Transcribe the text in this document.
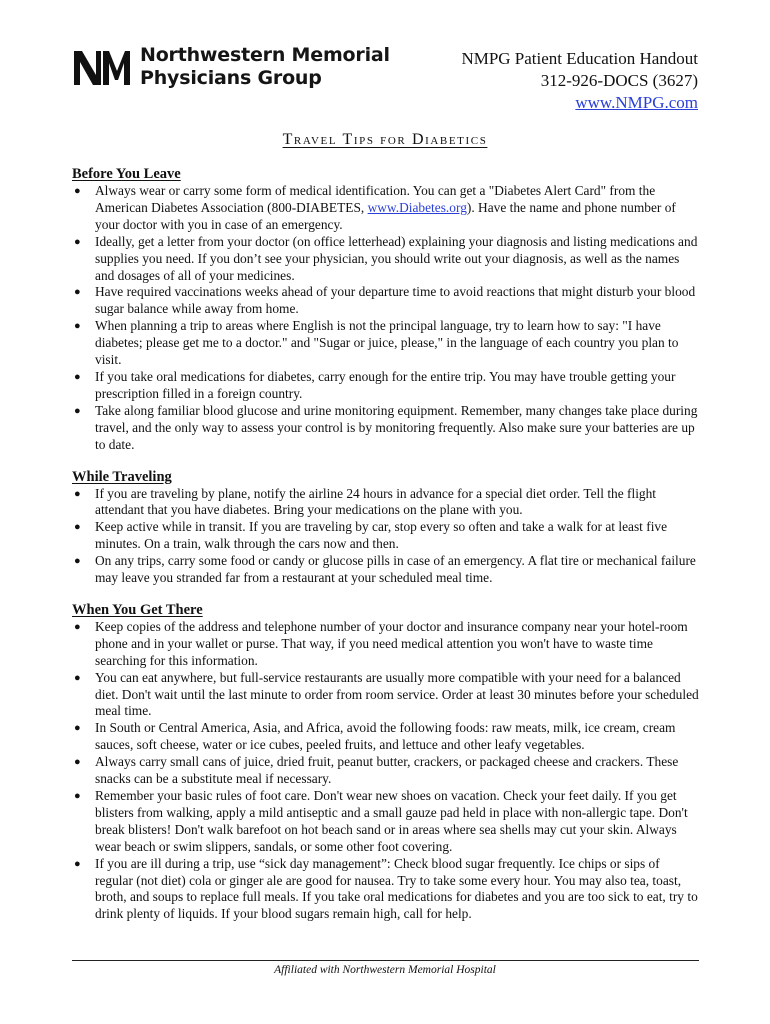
Northwestern Memorial
Physicians Group
NMPG Patient Education Handout
312-926-DOCS (3627)
www.NMPG.com
Travel Tips for Diabetics
Before You Leave
● Always wear or carry some form of medical identification. You can get a "Diabetes Alert Card" from the American Diabetes Association (800-DIABETES, www.Diabetes.org). Have the name and phone number of your doctor with you in case of an emergency.
● Ideally, get a letter from your doctor (on office letterhead) explaining your diagnosis and listing medications and supplies you need. If you don’t see your physician, you should write out your diagnosis, as well as the names and dosages of all of your medicines.
● Have required vaccinations weeks ahead of your departure time to avoid reactions that might disturb your blood sugar balance while away from home.
● When planning a trip to areas where English is not the principal language, try to learn how to say: "I have diabetes; please get me to a doctor." and "Sugar or juice, please," in the language of each country you plan to visit.
● If you take oral medications for diabetes, carry enough for the entire trip. You may have trouble getting your prescription filled in a foreign country.
● Take along familiar blood glucose and urine monitoring equipment. Remember, many changes take place during travel, and the only way to assess your control is by monitoring frequently. Also make sure your batteries are up to date.
While Traveling
● If you are traveling by plane, notify the airline 24 hours in advance for a special diet order. Tell the flight attendant that you have diabetes. Bring your medications on the plane with you.
● Keep active while in transit. If you are traveling by car, stop every so often and take a walk for at least five minutes. On a train, walk through the cars now and then.
● On any trips, carry some food or candy or glucose pills in case of an emergency. A flat tire or mechanical failure may leave you stranded far from a restaurant at your scheduled meal time.
When You Get There
● Keep copies of the address and telephone number of your doctor and insurance company near your hotel-room phone and in your wallet or purse. That way, if you need medical attention you won't have to waste time searching for this information.
● You can eat anywhere, but full-service restaurants are usually more compatible with your need for a balanced diet. Don't wait until the last minute to order from room service. Order at least 30 minutes before your scheduled meal time.
● In South or Central America, Asia, and Africa, avoid the following foods: raw meats, milk, ice cream, cream sauces, soft cheese, water or ice cubes, peeled fruits, and lettuce and other leafy vegetables.
● Always carry small cans of juice, dried fruit, peanut butter, crackers, or packaged cheese and crackers. These snacks can be a substitute meal if necessary.
● Remember your basic rules of foot care. Don't wear new shoes on vacation. Check your feet daily. If you get blisters from walking, apply a mild antiseptic and a small gauze pad held in place with non-allergic tape. Don't break blisters! Don't walk barefoot on hot beach sand or in areas where sea shells may cut your skin. Always wear beach or swim slippers, sandals, or some other foot covering.
● If you are ill during a trip, use “sick day management”: Check blood sugar frequently. Ice chips or sips of regular (not diet) cola or ginger ale are good for nausea. Try to take some every hour. You may also tea, toast, broth, and soups to replace full meals. If you take oral medications for diabetes and you are too sick to eat, try to drink plenty of liquids. If your blood sugars remain high, call for help.
Affiliated with Northwestern Memorial Hospital
